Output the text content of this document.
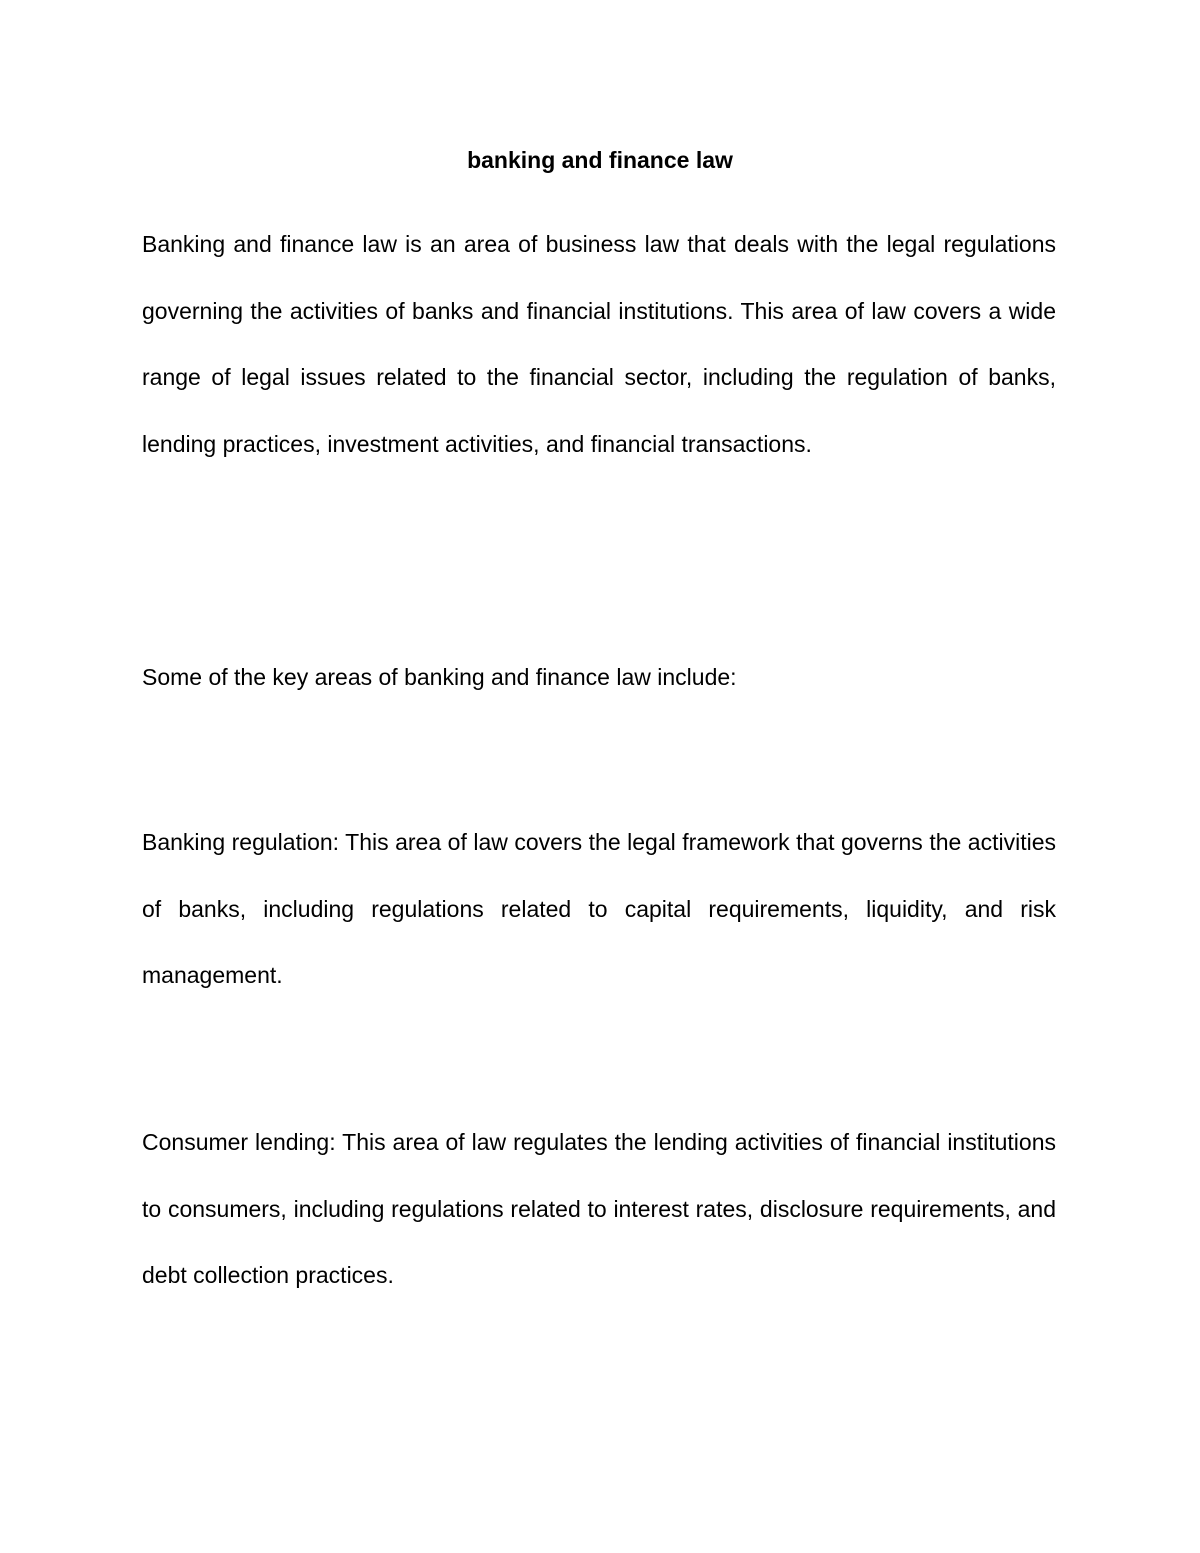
banking and finance law

Banking and finance law is an area of business law that deals with the legal regulations governing the activities of banks and financial institutions. This area of law covers a wide range of legal issues related to the financial sector, including the regulation of banks, lending practices, investment activities, and financial transactions.

Some of the key areas of banking and finance law include:

Banking regulation: This area of law covers the legal framework that governs the activities of banks, including regulations related to capital requirements, liquidity, and risk management.

Consumer lending: This area of law regulates the lending activities of financial institutions to consumers, including regulations related to interest rates, disclosure requirements, and debt collection practices.
